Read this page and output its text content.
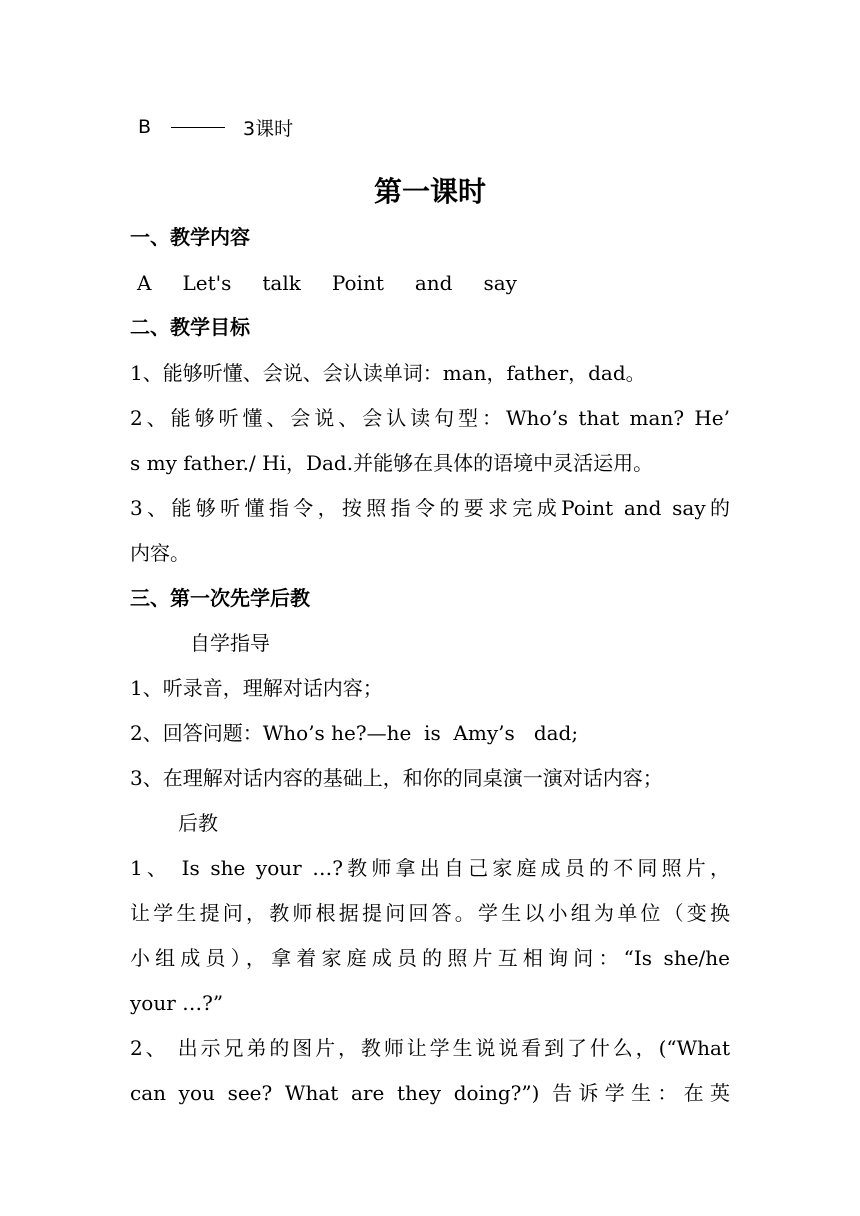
B	3课时
第一课时
一、教学内容
A Let's talk Point and say
二、教学目标
1、能够听懂、会说、会认读单词：man，father，dad。
2、能够听懂、会说、会认读句型：Who’s that man? He’
s my father./ Hi，Dad.并能够在具体的语境中灵活运用。
3、能够听懂指令，按照指令的要求完成Point and say的
内容。
三、第一次先学后教
自学指导
1、听录音，理解对话内容；
2、回答问题：Who’s he?—he  is  Amy’s   dad;
3、在理解对话内容的基础上，和你的同桌演一演对话内容；
后教
1、 Is she your …?教师拿出自己家庭成员的不同照片，
让学生提问，教师根据提问回答。学生以小组为单位（变换
小组成员），拿着家庭成员的照片互相询问：“Is she/he
your …?”
2、 出示兄弟的图片，教师让学生说说看到了什么，(“What
can you see? What are they doing?”) 告诉学生：在英
